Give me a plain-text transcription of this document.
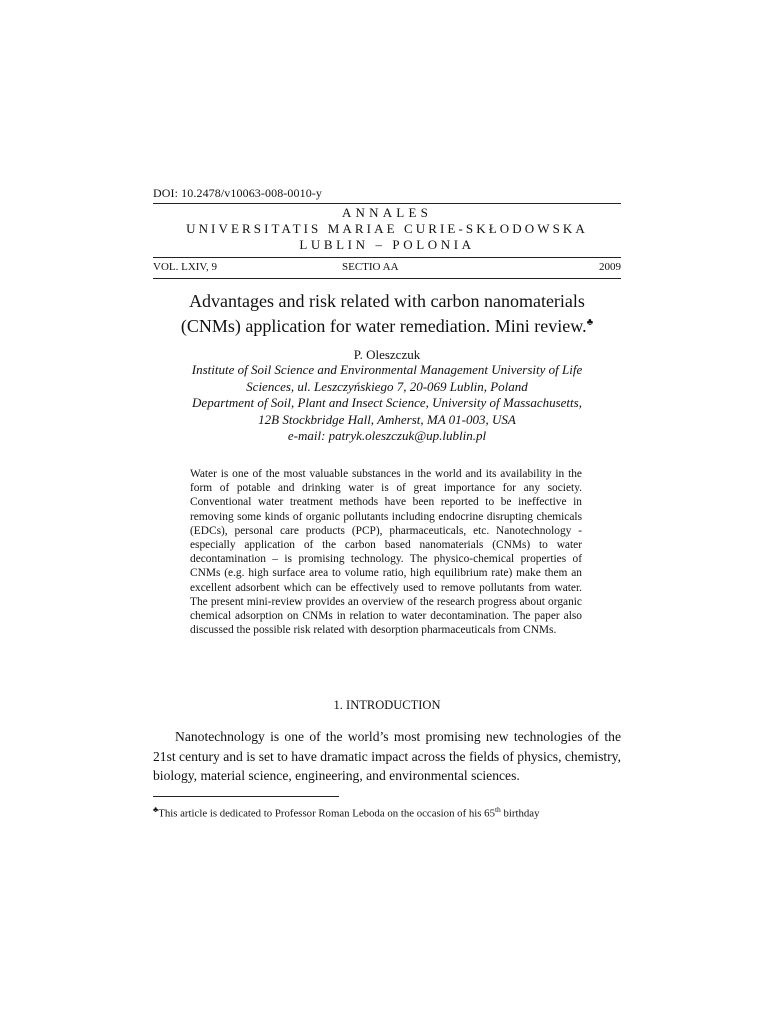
DOI: 10.2478/v10063-008-0010-y
ANNALES
UNIVERSITATIS MARIAE CURIE-SKŁODOWSKA
LUBLIN – POLONIA
VOL. LXIV, 9	SECTIO AA	2009
Advantages and risk related with carbon nanomaterials
(CNMs) application for water remediation. Mini review.♣
P. Oleszczuk
Institute of Soil Science and Environmental Management University of Life
Sciences, ul. Leszczyńskiego 7, 20-069 Lublin, Poland
Department of Soil, Plant and Insect Science, University of Massachusetts,
12B Stockbridge Hall, Amherst, MA 01-003, USA
e-mail: patryk.oleszczuk@up.lublin.pl
Water is one of the most valuable substances in the world and its availability in the form of potable and drinking water is of great importance for any society. Conventional water treatment methods have been reported to be ineffective in removing some kinds of organic pollutants including endocrine disrupting chemicals (EDCs), personal care products (PCP), pharmaceuticals, etc. Nanotechnology - especially application of the carbon based nanomaterials (CNMs) to water decontamination – is promising technology. The physico-chemical properties of CNMs (e.g. high surface area to volume ratio, high equilibrium rate) make them an excellent adsorbent which can be effectively used to remove pollutants from water. The present mini-review provides an overview of the research progress about organic chemical adsorption on CNMs in relation to water decontamination. The paper also discussed the possible risk related with desorption pharmaceuticals from CNMs.
1. INTRODUCTION
Nanotechnology is one of the world’s most promising new technologies of the 21st century and is set to have dramatic impact across the fields of physics, chemistry, biology, material science, engineering, and environmental sciences.
♣This article is dedicated to Professor Roman Leboda on the occasion of his 65th birthday
